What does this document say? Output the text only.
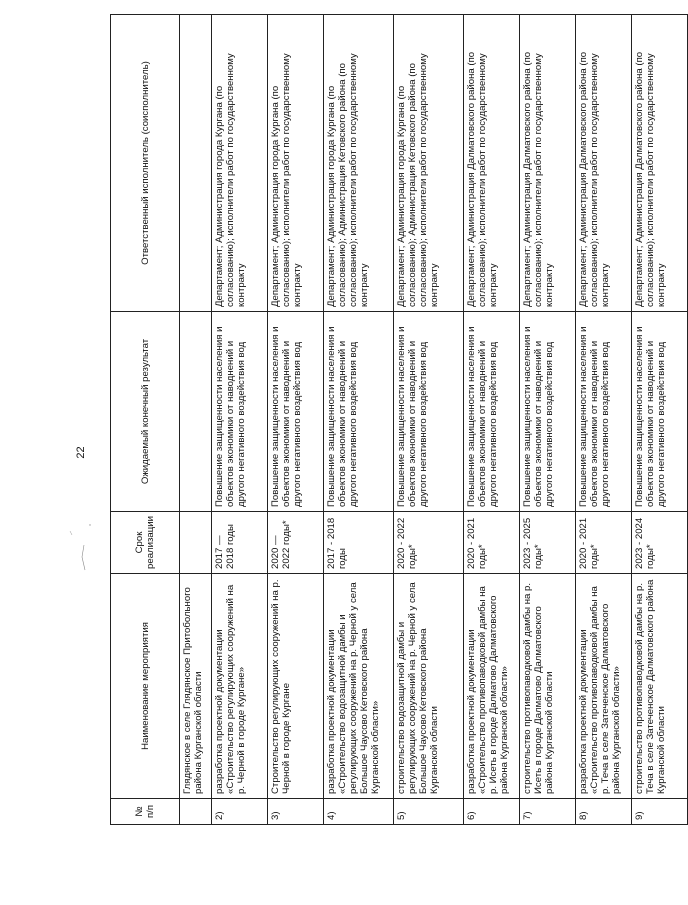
22
№ п/п	Наименование мероприятия	Срок реализации	Ожидаемый конечный результат	Ответственный исполнитель (соисполнитель)
	Глядянское в селе Глядянское Притобольного района Курганской области			
2)	разработка проектной документации «Строительство регулирующих сооружений на р. Черной в городе Кургане»	2017 — 2018 годы	Повышение защищенности населения и объектов экономики от наводнений и другого негативного воздействия вод	Департамент; Администрация города Кургана (по согласованию); исполнители работ по государственному контракту
3)	Строительство регулирующих сооружений на р. Черной в городе Кургане	2020 — 2022 годы*	Повышение защищенности населения и объектов экономики от наводнений и другого негативного воздействия вод	Департамент; Администрация города Кургана (по согласованию); исполнители работ по государственному контракту
4)	разработка проектной документации «Строительство водозащитной дамбы и регулирующих сооружений на р. Черной у села Большое Чаусово Кетовского района Курганской области»	2017 - 2018 годы	Повышение защищенности населения и объектов экономики от наводнений и другого негативного воздействия вод	Департамент; Администрация города Кургана (по согласованию); Администрация Кетовского района (по согласованию); исполнители работ по государственному контракту
5)	строительство водозащитной дамбы и регулирующих сооружений на р. Черной у села Большое Чаусово Кетовского района Курганской области	2020 - 2022 годы*	Повышение защищенности населения и объектов экономики от наводнений и другого негативного воздействия вод	Департамент; Администрация города Кургана (по согласованию); Администрация Кетовского района (по согласованию); исполнители работ по государственному контракту
6)	разработка проектной документации «Строительство противопаводковой дамбы на р. Исеть в городе Далматово Далматовского района Курганской области»	2020 - 2021 годы*	Повышение защищенности населения и объектов экономики от наводнений и другого негативного воздействия вод	Департамент; Администрация Далматовского района (по согласованию); исполнители работ по государственному контракту
7)	строительство противопаводковой дамбы на р. Исеть в городе Далматово Далматовского района Курганской области	2023 - 2025 годы*	Повышение защищенности населения и объектов экономики от наводнений и другого негативного воздействия вод	Департамент; Администрация Далматовского района (по согласованию); исполнители работ по государственному контракту
8)	разработка проектной документации «Строительство противопаводковой дамбы на р. Теча в селе Затеченское Далматовского района Курганской области»	2020 - 2021 годы*	Повышение защищенности населения и объектов экономики от наводнений и другого негативного воздействия вод	Департамент; Администрация Далматовского района (по согласованию); исполнители работ по государственному контракту
9)	строительство противопаводковой дамбы на р. Теча в селе Затеченское Далматовского района Курганской области	2023 - 2024 годы*	Повышение защищенности населения и объектов экономики от наводнений и другого негативного воздействия вод	Департамент; Администрация Далматовского района (по согласованию); исполнители работ по государственному контракту
